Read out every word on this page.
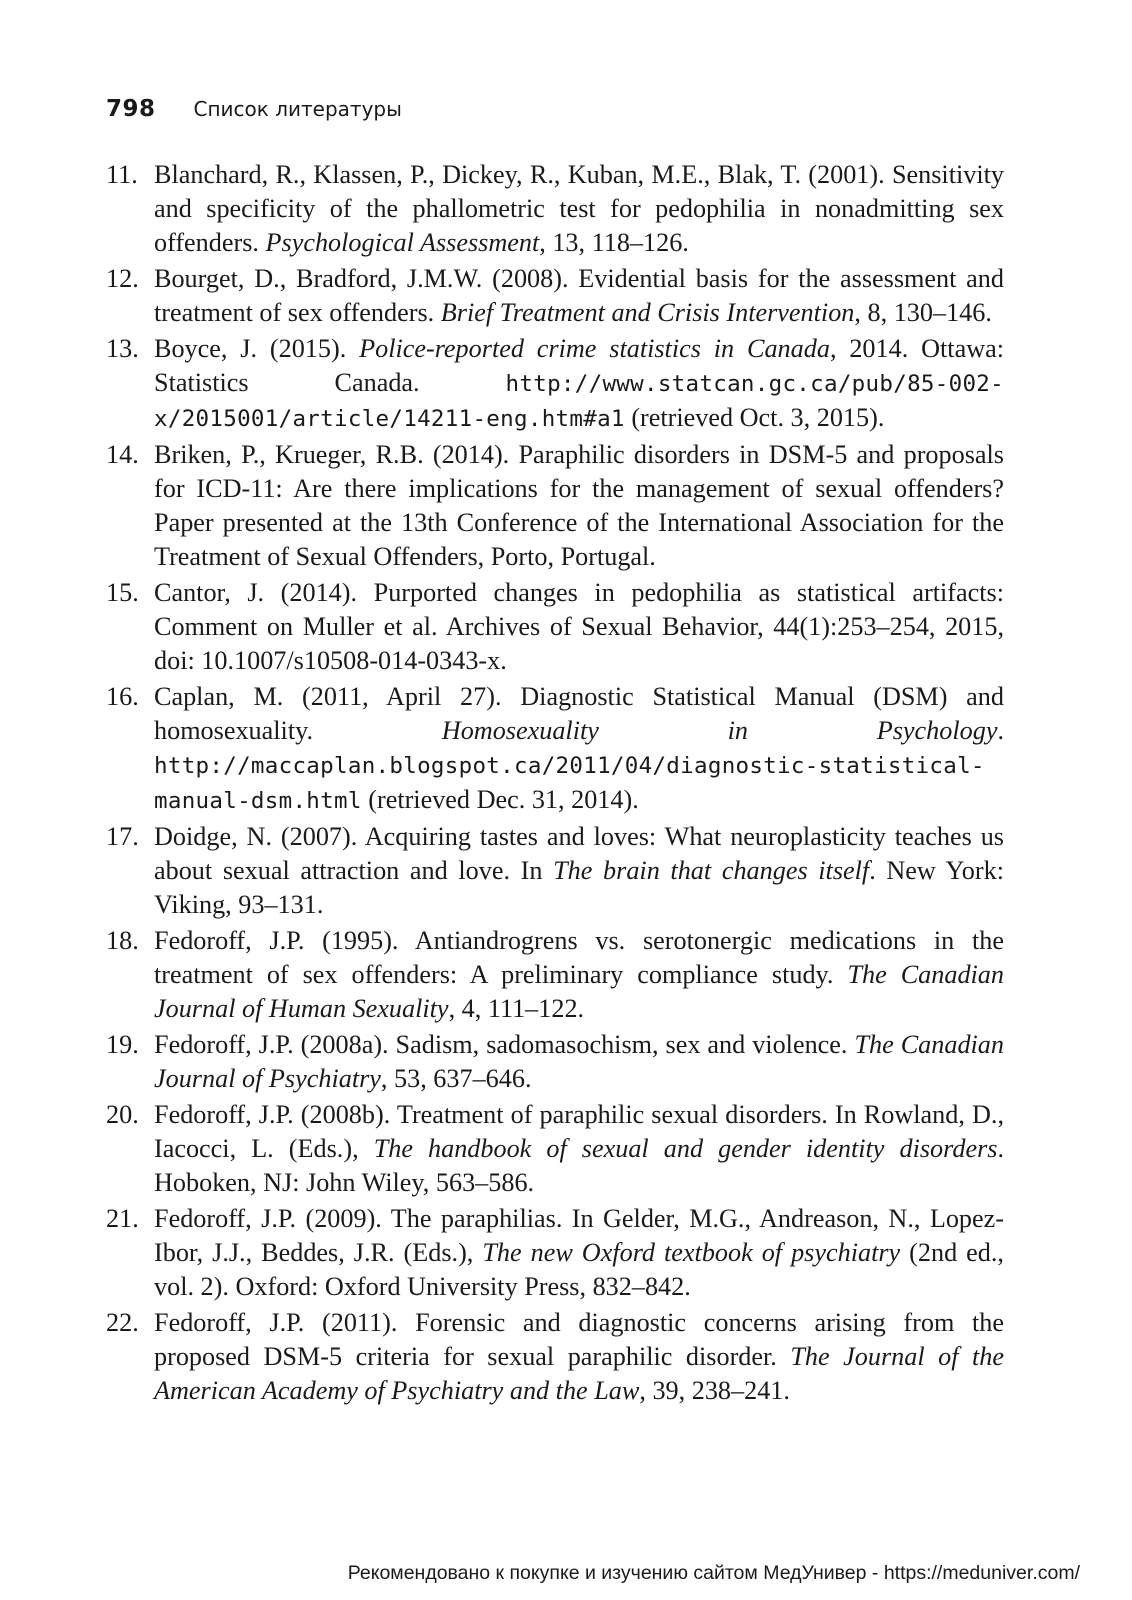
798 Список литературы
11. Blanchard, R., Klassen, P., Dickey, R., Kuban, M.E., Blak, T. (2001). Sensitivity and specificity of the phallometric test for pedophilia in nonadmitting sex offenders. Psychological Assessment, 13, 118–126.
12. Bourget, D., Bradford, J.M.W. (2008). Evidential basis for the assessment and treatment of sex offenders. Brief Treatment and Crisis Intervention, 8, 130–146.
13. Boyce, J. (2015). Police-reported crime statistics in Canada, 2014. Ottawa: Statistics Canada. http://www.statcan.gc.ca/pub/85-002-x/2015001/article/14211-eng.htm#a1 (retrieved Oct. 3, 2015).
14. Briken, P., Krueger, R.B. (2014). Paraphilic disorders in DSM-5 and proposals for ICD-11: Are there implications for the management of sexual offenders? Paper presented at the 13th Conference of the International Association for the Treatment of Sexual Offenders, Porto, Portugal.
15. Cantor, J. (2014). Purported changes in pedophilia as statistical artifacts: Comment on Muller et al. Archives of Sexual Behavior, 44(1):253–254, 2015, doi: 10.1007/s10508-014-0343-x.
16. Caplan, M. (2011, April 27). Diagnostic Statistical Manual (DSM) and homosexuality. Homosexuality in Psychology. http://maccaplan.blogspot.ca/2011/04/diagnostic-statistical-manual-dsm.html (retrieved Dec. 31, 2014).
17. Doidge, N. (2007). Acquiring tastes and loves: What neuroplasticity teaches us about sexual attraction and love. In The brain that changes itself. New York: Viking, 93–131.
18. Fedoroff, J.P. (1995). Antiandrogrens vs. serotonergic medications in the treatment of sex offenders: A preliminary compliance study. The Canadian Journal of Human Sexuality, 4, 111–122.
19. Fedoroff, J.P. (2008a). Sadism, sadomasochism, sex and violence. The Canadian Journal of Psychiatry, 53, 637–646.
20. Fedoroff, J.P. (2008b). Treatment of paraphilic sexual disorders. In Rowland, D., Iacocci, L. (Eds.), The handbook of sexual and gender identity disorders. Hoboken, NJ: John Wiley, 563–586.
21. Fedoroff, J.P. (2009). The paraphilias. In Gelder, M.G., Andreason, N., Lopez-Ibor, J.J., Beddes, J.R. (Eds.), The new Oxford textbook of psychiatry (2nd ed., vol. 2). Oxford: Oxford University Press, 832–842.
22. Fedoroff, J.P. (2011). Forensic and diagnostic concerns arising from the proposed DSM-5 criteria for sexual paraphilic disorder. The Journal of the American Academy of Psychiatry and the Law, 39, 238–241.
Рекомендовано к покупке и изучению сайтом МедУнивер - https://meduniver.com/
